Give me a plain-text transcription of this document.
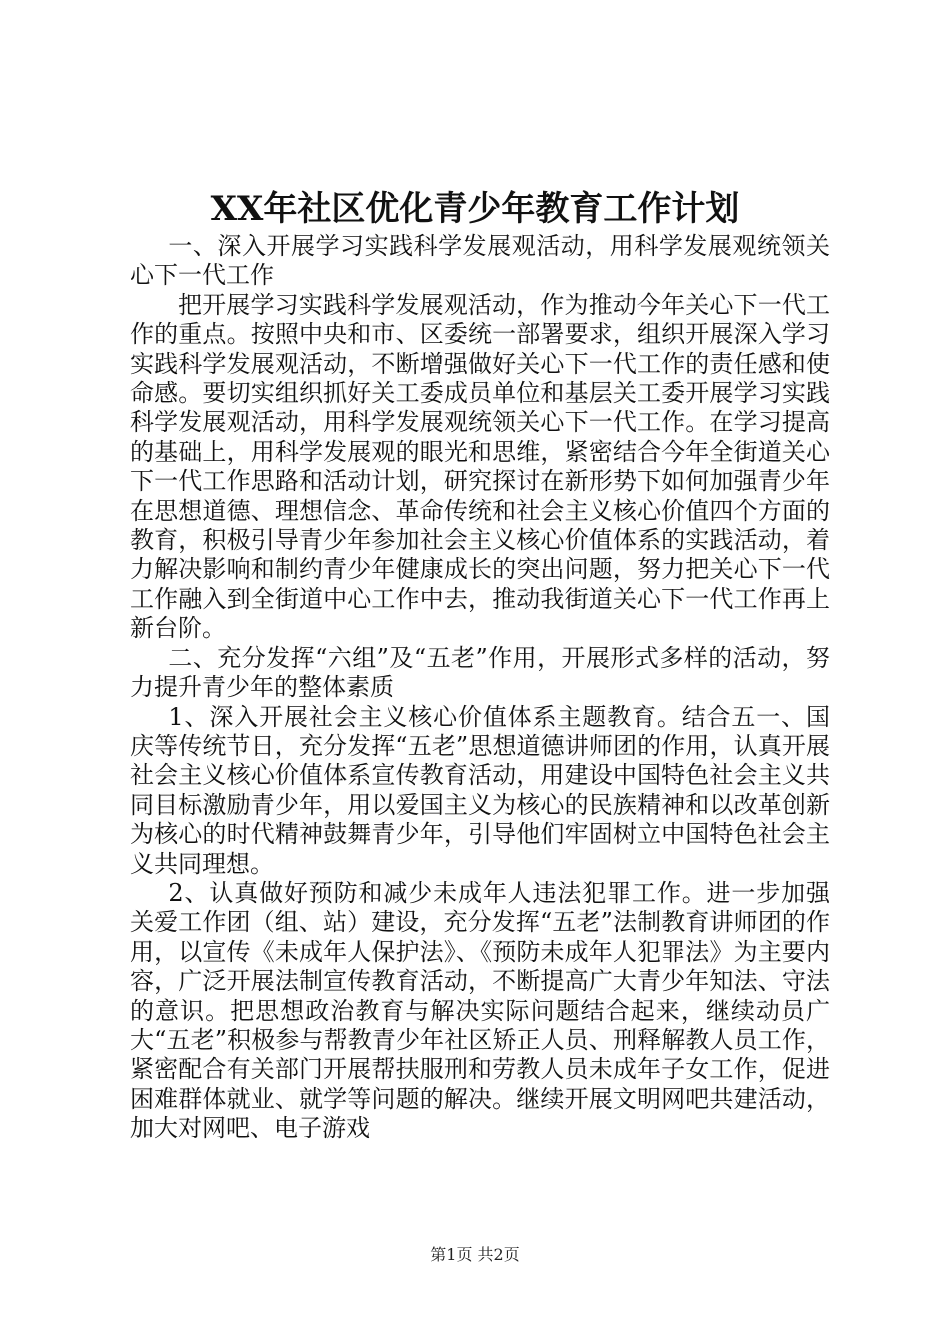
XX年社区优化青少年教育工作计划

一、深入开展学习实践科学发展观活动，用科学发展观统领关心下一代工作

把开展学习实践科学发展观活动，作为推动今年关心下一代工作的重点。按照中央和市、区委统一部署要求，组织开展深入学习实践科学发展观活动，不断增强做好关心下一代工作的责任感和使命感。要切实组织抓好关工委成员单位和基层关工委开展学习实践科学发展观活动，用科学发展观统领关心下一代工作。在学习提高的基础上，用科学发展观的眼光和思维，紧密结合今年全街道关心下一代工作思路和活动计划，研究探讨在新形势下如何加强青少年在思想道德、理想信念、革命传统和社会主义核心价值四个方面的教育，积极引导青少年参加社会主义核心价值体系的实践活动，着力解决影响和制约青少年健康成长的突出问题，努力把关心下一代工作融入到全街道中心工作中去，推动我街道关心下一代工作再上新台阶。

二、充分发挥“六组”及“五老”作用，开展形式多样的活动，努力提升青少年的整体素质

1、深入开展社会主义核心价值体系主题教育。结合五一、国庆等传统节日，充分发挥“五老”思想道德讲师团的作用，认真开展社会主义核心价值体系宣传教育活动，用建设中国特色社会主义共同目标激励青少年，用以爱国主义为核心的民族精神和以改革创新为核心的时代精神鼓舞青少年，引导他们牢固树立中国特色社会主义共同理想。

2、认真做好预防和减少未成年人违法犯罪工作。进一步加强关爱工作团（组、站）建设，充分发挥“五老”法制教育讲师团的作用，以宣传《未成年人保护法》、《预防未成年人犯罪法》为主要内容，广泛开展法制宣传教育活动，不断提高广大青少年知法、守法的意识。把思想政治教育与解决实际问题结合起来，继续动员广大“五老”积极参与帮教青少年社区矫正人员、刑释解教人员工作，紧密配合有关部门开展帮扶服刑和劳教人员未成年子女工作，促进困难群体就业、就学等问题的解决。继续开展文明网吧共建活动，加大对网吧、电子游戏

第1页 共2页
